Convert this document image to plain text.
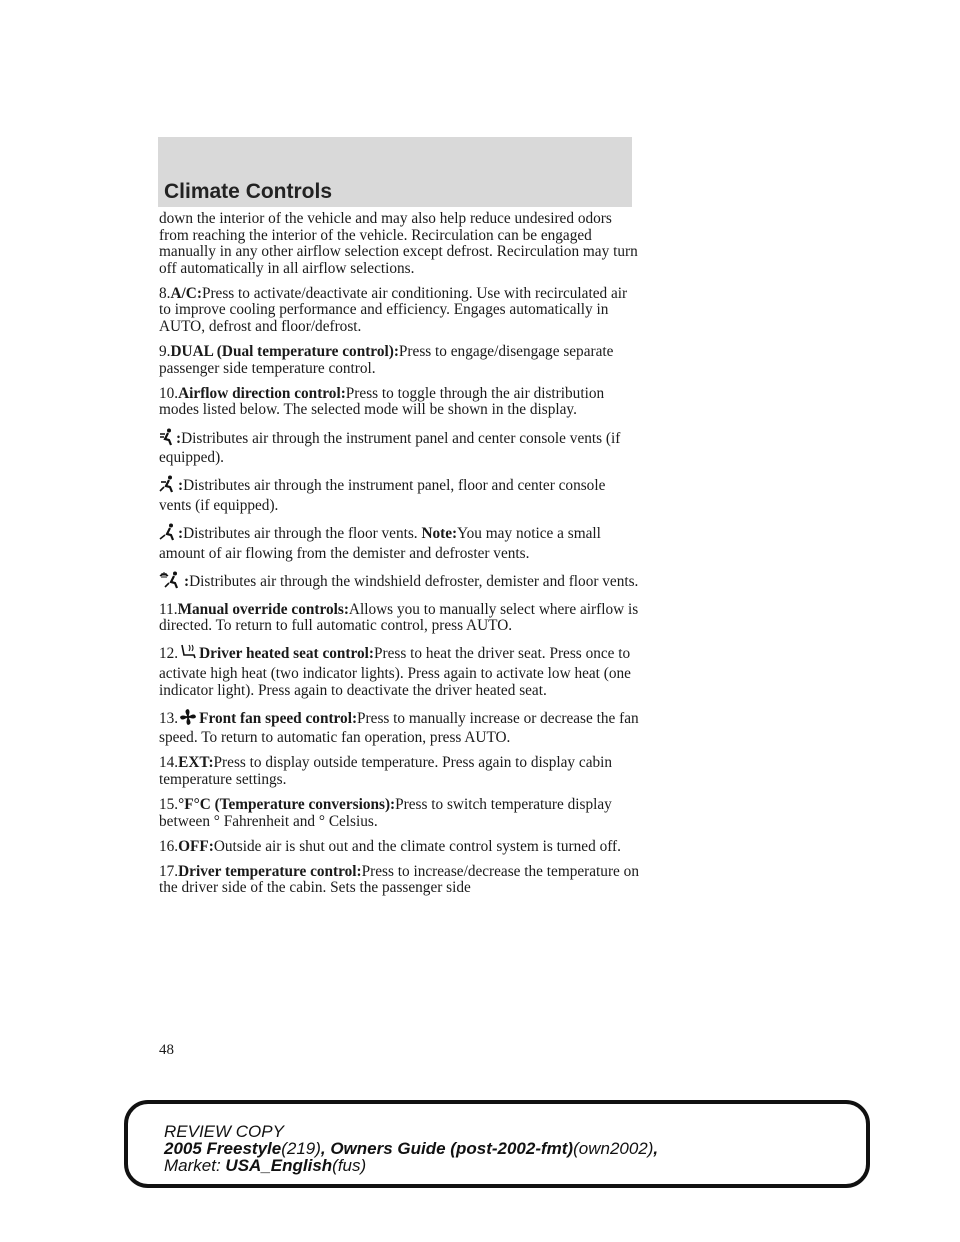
Climate Controls

down the interior of the vehicle and may also help reduce undesired odors from reaching the interior of the vehicle. Recirculation can be engaged manually in any other airflow selection except defrost. Recirculation may turn off automatically in all airflow selections.

8.A/C:Press to activate/deactivate air conditioning. Use with recirculated air to improve cooling performance and efficiency. Engages automatically in AUTO, defrost and floor/defrost.

9.DUAL (Dual temperature control):Press to engage/disengage separate passenger side temperature control.

10.Airflow direction control:Press to toggle through the air distribution modes listed below. The selected mode will be shown in the display.

:Distributes air through the instrument panel and center console vents (if equipped).

:Distributes air through the instrument panel, floor and center console vents (if equipped).

:Distributes air through the floor vents. Note:You may notice a small amount of air flowing from the demister and defroster vents.

:Distributes air through the windshield defroster, demister and floor vents.

11.Manual override controls:Allows you to manually select where airflow is directed. To return to full automatic control, press AUTO.

12. Driver heated seat control:Press to heat the driver seat. Press once to activate high heat (two indicator lights). Press again to activate low heat (one indicator light). Press again to deactivate the driver heated seat.

13. Front fan speed control:Press to manually increase or decrease the fan speed. To return to automatic fan operation, press AUTO.

14.EXT:Press to display outside temperature. Press again to display cabin temperature settings.

15.°F°C (Temperature conversions):Press to switch temperature display between ° Fahrenheit and ° Celsius.

16.OFF:Outside air is shut out and the climate control system is turned off.

17.Driver temperature control:Press to increase/decrease the temperature on the driver side of the cabin. Sets the passenger side

48
REVIEW COPY
2005 Freestyle(219), Owners Guide (post-2002-fmt)(own2002),
Market: USA_English(fus)
